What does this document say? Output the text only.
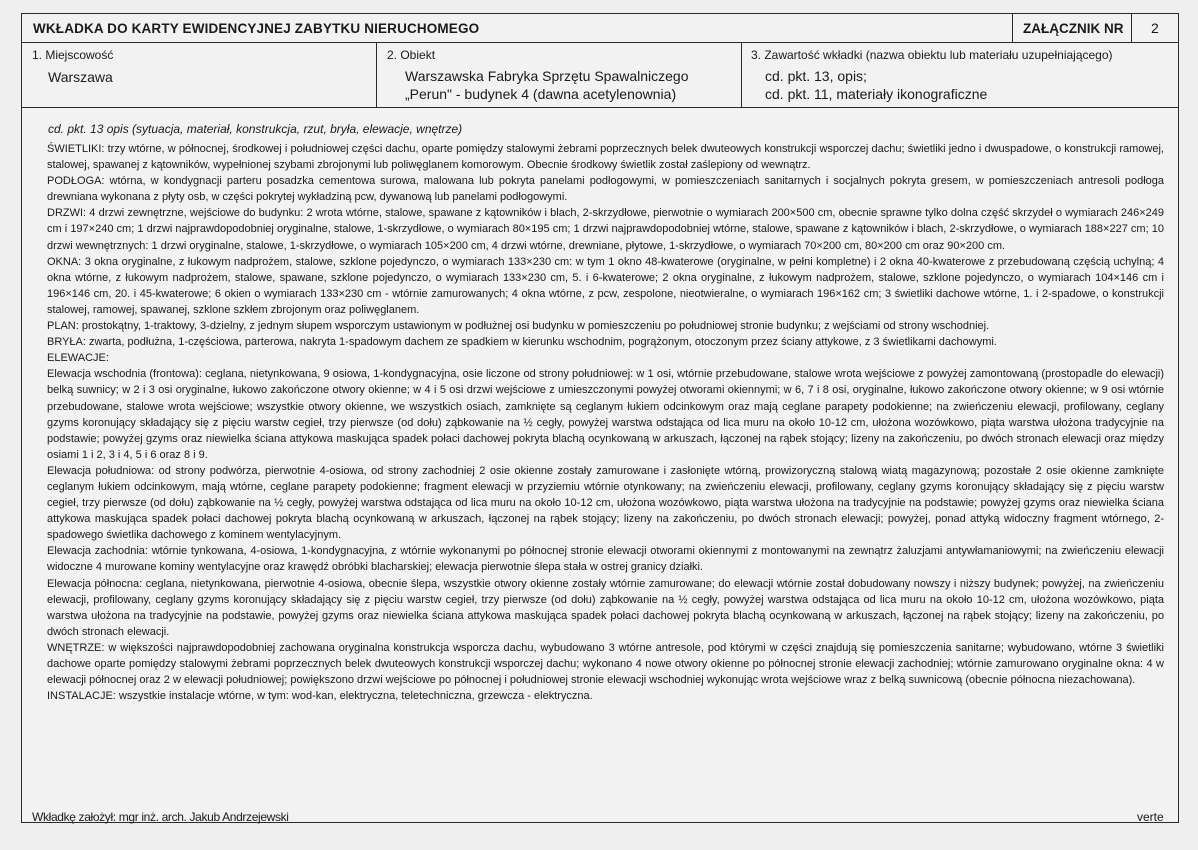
WKŁADKA DO KARTY EWIDENCYJNEJ ZABYTKU NIERUCHOMEGO	ZAŁĄCZNIK NR 2
1. Miejscowość
Warszawa
2. Obiekt
Warszawska Fabryka Sprzętu Spawalniczego
„Perun" - budynek 4 (dawna acetylenownia)
3. Zawartość wkładki (nazwa obiektu lub materiału uzupełniającego)
cd. pkt. 13, opis;
cd. pkt. 11, materiały ikonograficzne
cd. pkt. 13 opis (sytuacja, materiał, konstrukcja, rzut, bryła, elewacje, wnętrze)

ŚWIETLIKI: trzy wtórne, w północnej, środkowej i południowej części dachu, oparte pomiędzy stalowymi żebrami poprzecznych belek dwuteowych konstrukcji wsporczej dachu; świetliki jedno i dwuspadowe, o konstrukcji ramowej, stalowej, spawanej z kątowników, wypełnionej szybami zbrojonymi lub poliwęglanem komorowym. Obecnie środkowy świetlik został zaślepiony od wewnątrz.

PODŁOGA: wtórna, w kondygnacji parteru posadzka cementowa surowa, malowana lub pokryta panelami podłogowymi, w pomieszczeniach sanitarnych i socjalnych pokryta gresem, w pomieszczeniach antresoli podłoga drewniana wykonana z płyty osb, w części pokrytej wykładziną pcw, dywanową lub panelami podłogowymi.

DRZWI: 4 drzwi zewnętrzne, wejściowe do budynku: 2 wrota wtórne, stalowe, spawane z kątowników i blach, 2-skrzydłowe, pierwotnie o wymiarach 200×500 cm, obecnie sprawne tylko dolna część skrzydeł o wymiarach 246×249 cm i 197×240 cm; 1 drzwi najprawdopodobniej oryginalne, stalowe, 1-skrzydłowe, o wymiarach 80×195 cm; 1 drzwi najprawdopodobniej wtórne, stalowe, spawane z kątowników i blach, 2-skrzydłowe, o wymiarach 188×227 cm; 10 drzwi wewnętrznych: 1 drzwi oryginalne, stalowe, 1-skrzydłowe, o wymiarach 105×200 cm, 4 drzwi wtórne, drewniane, płytowe, 1-skrzydłowe, o wymiarach 70×200 cm, 80×200 cm oraz 90×200 cm.

OKNA: 3 okna oryginalne, z łukowym nadprożem, stalowe, szklone pojedynczo, o wymiarach 133×230 cm: w tym 1 okno 48-kwaterowe (oryginalne, w pełni kompletne) i 2 okna 40-kwaterowe z przebudowaną częścią uchylną; 4 okna wtórne, z łukowym nadprożem, stalowe, spawane, szklone pojedynczo, o wymiarach 133×230 cm, 5. i 6-kwaterowe; 2 okna oryginalne, z łukowym nadprożem, stalowe, szklone pojedynczo, o wymiarach 104×146 cm i 196×146 cm, 20. i 45-kwaterowe; 6 okien o wymiarach 133×230 cm - wtórnie zamurowanych; 4 okna wtórne, z pcw, zespolone, nieotwieralne, o wymiarach 196×162 cm; 3 świetliki dachowe wtórne, 1. i 2-spadowe, o konstrukcji stalowej, ramowej, spawanej, szklone szkłem zbrojonym oraz poliwęglanem.

PLAN: prostokątny, 1-traktowy, 3-dzielny, z jednym słupem wsporczym ustawionym w podłużnej osi budynku w pomieszczeniu po południowej stronie budynku; z wejściami od strony wschodniej.

BRYŁA: zwarta, podłużna, 1-częściowa, parterowa, nakryta 1-spadowym dachem ze spadkiem w kierunku wschodnim, pogrążonym, otoczonym przez ściany attykowe, z 3 świetlikami dachowymi.

ELEWACJE:

Elewacja wschodnia (frontowa): ceglana, nietynkowana, 9 osiowa, 1-kondygnacyjna, osie liczone od strony południowej: w 1 osi, wtórnie przebudowane, stalowe wrota wejściowe z powyżej zamontowaną (prostopadle do elewacji) belką suwnicy; w 2 i 3 osi oryginalne, łukowo zakończone otwory okienne; w 4 i 5 osi drzwi wejściowe z umieszczonymi powyżej otworami okiennymi; w 6, 7 i 8 osi, oryginalne, łukowo zakończone otwory okienne; w 9 osi wtórnie przebudowane, stalowe wrota wejściowe; wszystkie otwory okienne, we wszystkich osiach, zamknięte są ceglanym łukiem odcinkowym oraz mają ceglane parapety podokienne; na zwieńczeniu elewacji, profilowany, ceglany gzyms koronujący składający się z pięciu warstw cegieł, trzy pierwsze (od dołu) ząbkowanie na ½ cegły, powyżej warstwa odstająca od lica muru na około 10-12 cm, ułożona wozówkowo, piąta warstwa ułożona tradycyjnie na podstawie; powyżej gzyms oraz niewielka ściana attykowa maskująca spadek połaci dachowej pokryta blachą ocynkowaną w arkuszach, łączonej na rąbek stojący; lizeny na zakończeniu, po dwóch stronach elewacji oraz między osiami 1 i 2, 3 i 4, 5 i 6 oraz 8 i 9.

Elewacja południowa: od strony podwórza, pierwotnie 4-osiowa, od strony zachodniej 2 osie okienne zostały zamurowane i zasłonięte wtórną, prowizoryczną stalową wiatą magazynową; pozostałe 2 osie okienne zamknięte ceglanym łukiem odcinkowym, mają wtórne, ceglane parapety podokienne; fragment elewacji w przyziemiu wtórnie otynkowany; na zwieńczeniu elewacji, profilowany, ceglany gzyms koronujący składający się z pięciu warstw cegieł, trzy pierwsze (od dołu) ząbkowanie na ½ cegły, powyżej warstwa odstająca od lica muru na około 10-12 cm, ułożona wozówkowo, piąta warstwa ułożona na tradycyjnie na podstawie; powyżej gzyms oraz niewielka ściana attykowa maskująca spadek połaci dachowej pokryta blachą ocynkowaną w arkuszach, łączonej na rąbek stojący; lizeny na zakończeniu, po dwóch stronach elewacji; powyżej, ponad attyką widoczny fragment wtórnego, 2-spadowego świetlika dachowego z kominem wentylacyjnym.

Elewacja zachodnia: wtórnie tynkowana, 4-osiowa, 1-kondygnacyjna, z wtórnie wykonanymi po północnej stronie elewacji otworami okiennymi z montowanymi na zewnątrz żaluzjami antywłamaniowymi; na zwieńczeniu elewacji widoczne 4 murowane kominy wentylacyjne oraz krawędź obróbki blacharskiej; elewacja pierwotnie ślepa stała w ostrej granicy działki.

Elewacja północna: ceglana, nietynkowana, pierwotnie 4-osiowa, obecnie ślepa, wszystkie otwory okienne zostały wtórnie zamurowane; do elewacji wtórnie został dobudowany nowszy i niższy budynek; powyżej, na zwieńczeniu elewacji, profilowany, ceglany gzyms koronujący składający się z pięciu warstw cegieł, trzy pierwsze (od dołu) ząbkowanie na ½ cegły, powyżej warstwa odstająca od lica muru na około 10-12 cm, ułożona wozówkowo, piąta warstwa ułożona na tradycyjnie na podstawie, powyżej gzyms oraz niewielka ściana attykowa maskująca spadek połaci dachowej pokryta blachą ocynkowaną w arkuszach, łączonej na rąbek stojący; lizeny na zakończeniu, po dwóch stronach elewacji.

WNĘTRZE: w większości najprawdopodobniej zachowana oryginalna konstrukcja wsporcza dachu, wybudowano 3 wtórne antresole, pod którymi w części znajdują się pomieszczenia sanitarne; wybudowano, wtórne 3 świetliki dachowe oparte pomiędzy stalowymi żebrami poprzecznych belek dwuteowych konstrukcji wsporczej dachu; wykonano 4 nowe otwory okienne po północnej stronie elewacji zachodniej; wtórnie zamurowano oryginalne okna: 4 w elewacji północnej oraz 2 w elewacji południowej; powiększono drzwi wejściowe po północnej i południowej stronie elewacji wschodniej wykonując wrota wejściowe wraz z belką suwnicową (obecnie północna niezachowana).

INSTALACJE: wszystkie instalacje wtórne, w tym: wod-kan, elektryczna, teletechniczna, grzewcza - elektryczna.

Wkładkę założył: mgr inż. arch. Jakub Andrzejewski	verte
